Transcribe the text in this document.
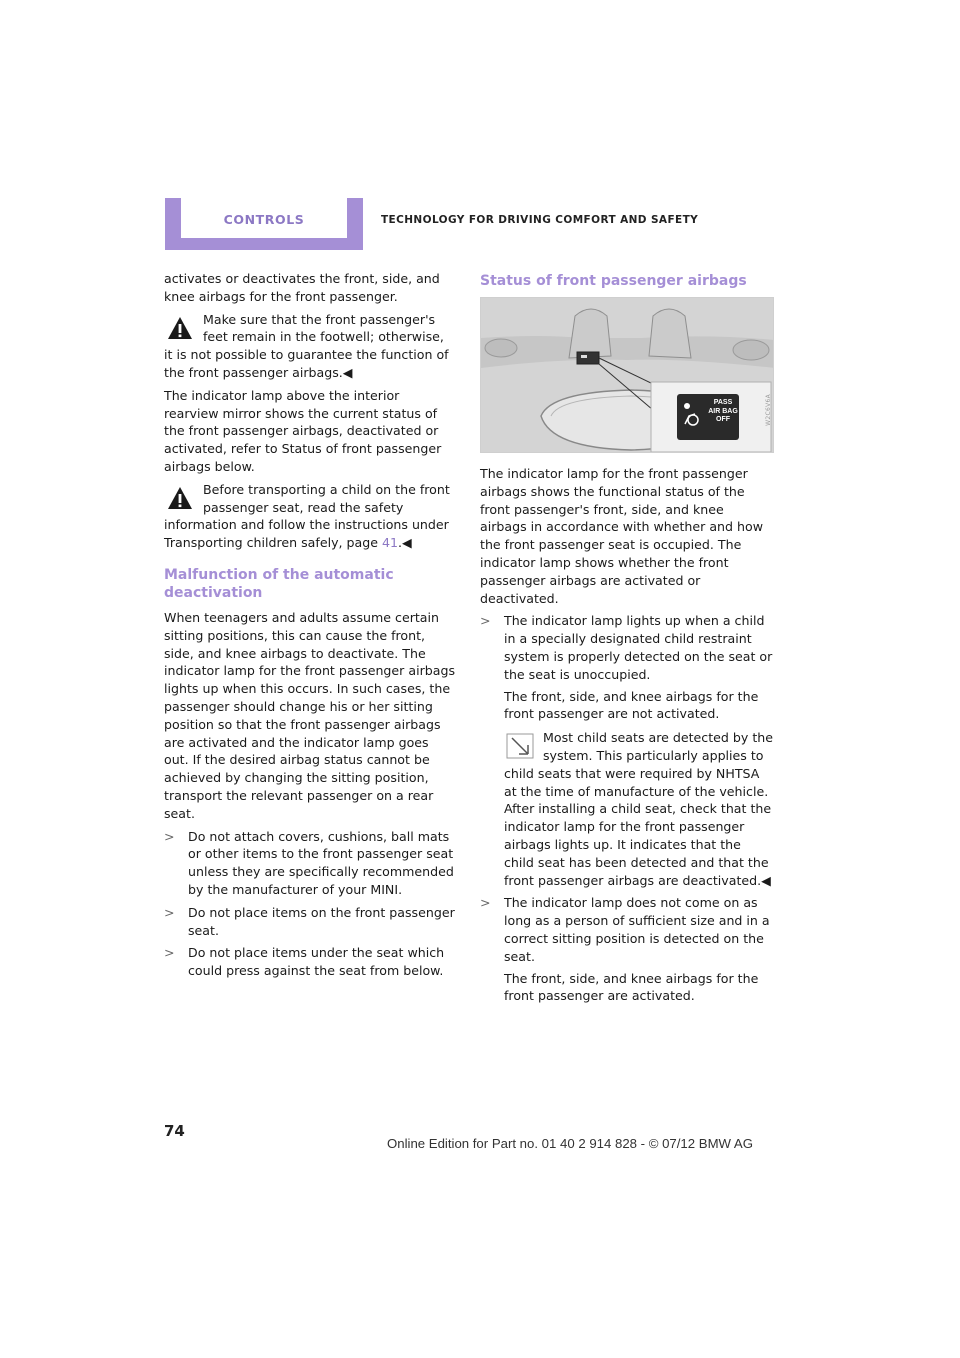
CONTROLS	TECHNOLOGY FOR DRIVING COMFORT AND SAFETY

activates or deactivates the front, side, and knee airbags for the front passenger.

Make sure that the front passenger's feet remain in the footwell; otherwise, it is not possible to guarantee the function of the front passenger airbags.◀

The indicator lamp above the interior rearview mirror shows the current status of the front passenger airbags, deactivated or activated, refer to Status of front passenger airbags below.

Before transporting a child on the front passenger seat, read the safety information and follow the instructions under Transporting children safely, page 41.◀
Malfunction of the automatic
deactivation

When teenagers and adults assume certain sitting positions, this can cause the front, side, and knee airbags to deactivate. The indicator lamp for the front passenger airbags lights up when this occurs. In such cases, the passenger should change his or her sitting position so that the front passenger airbags are activated and the indicator lamp goes out. If the desired airbag status cannot be achieved by changing the sitting position, transport the relevant passenger on a rear seat.

> Do not attach covers, cushions, ball mats or other items to the front passenger seat unless they are specifically recommended by the manufacturer of your MINI.
> Do not place items on the front passenger seat.
> Do not place items under the seat which could press against the seat from below.
Status of front passenger airbags
PASS
AIR BAG
OFF	W2C6V6A

The indicator lamp for the front passenger airbags shows the functional status of the front passenger's front, side, and knee airbags in accordance with whether and how the front passenger seat is occupied. The indicator lamp shows whether the front passenger airbags are activated or deactivated.

> The indicator lamp lights up when a child in a specially designated child restraint system is properly detected on the seat or the seat is unoccupied.
The front, side, and knee airbags for the front passenger are not activated.
Most child seats are detected by the system. This particularly applies to child seats that were required by NHTSA at the time of manufacture of the vehicle. After installing a child seat, check that the indicator lamp for the front passenger airbags lights up. It indicates that the child seat has been detected and that the front passenger airbags are deactivated.◀
> The indicator lamp does not come on as long as a person of sufficient size and in a correct sitting position is detected on the seat.
The front, side, and knee airbags for the front passenger are activated.
74
Online Edition for Part no. 01 40 2 914 828 - © 07/12 BMW AG
